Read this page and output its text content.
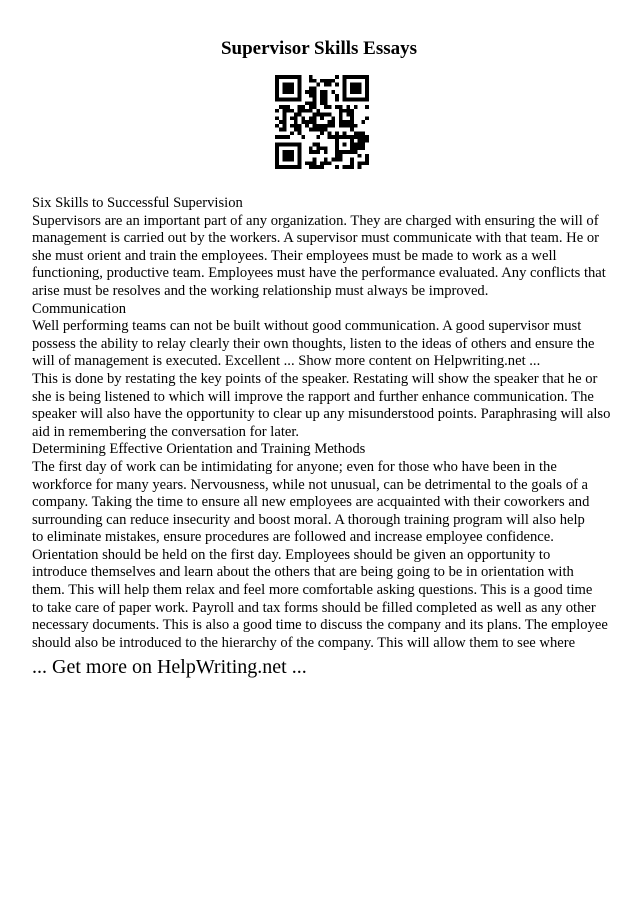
Supervisor Skills Essays

Six Skills to Successful Supervision

Supervisors are an important part of any organization. They are charged with ensuring the will of

management is carried out by the workers. A supervisor must communicate with that team. He or

she must orient and train the employees. Their employees must be made to work as a well

functioning, productive team. Employees must have the performance evaluated. Any conflicts that

arise must be resolves and the working relationship must always be improved.

Communication

Well performing teams can not be built without good communication. A good supervisor must

possess the ability to relay clearly their own thoughts, listen to the ideas of others and ensure the

will of management is executed. Excellent ... Show more content on Helpwriting.net ...

This is done by restating the key points of the speaker. Restating will show the speaker that he or

she is being listened to which will improve the rapport and further enhance communication. The

speaker will also have the opportunity to clear up any misunderstood points. Paraphrasing will also

aid in remembering the conversation for later.

Determining Effective Orientation and Training Methods

The first day of work can be intimidating for anyone; even for those who have been in the

workforce for many years. Nervousness, while not unusual, can be detrimental to the goals of a

company. Taking the time to ensure all new employees are acquainted with their coworkers and

surrounding can reduce insecurity and boost moral. A thorough training program will also help

to eliminate mistakes, ensure procedures are followed and increase employee confidence.

Orientation should be held on the first day. Employees should be given an opportunity to

introduce themselves and learn about the others that are being going to be in orientation with

them. This will help them relax and feel more comfortable asking questions. This is a good time

to take care of paper work. Payroll and tax forms should be filled completed as well as any other

necessary documents. This is also a good time to discuss the company and its plans. The employee

should also be introduced to the hierarchy of the company. This will allow them to see where

... Get more on HelpWriting.net ...
